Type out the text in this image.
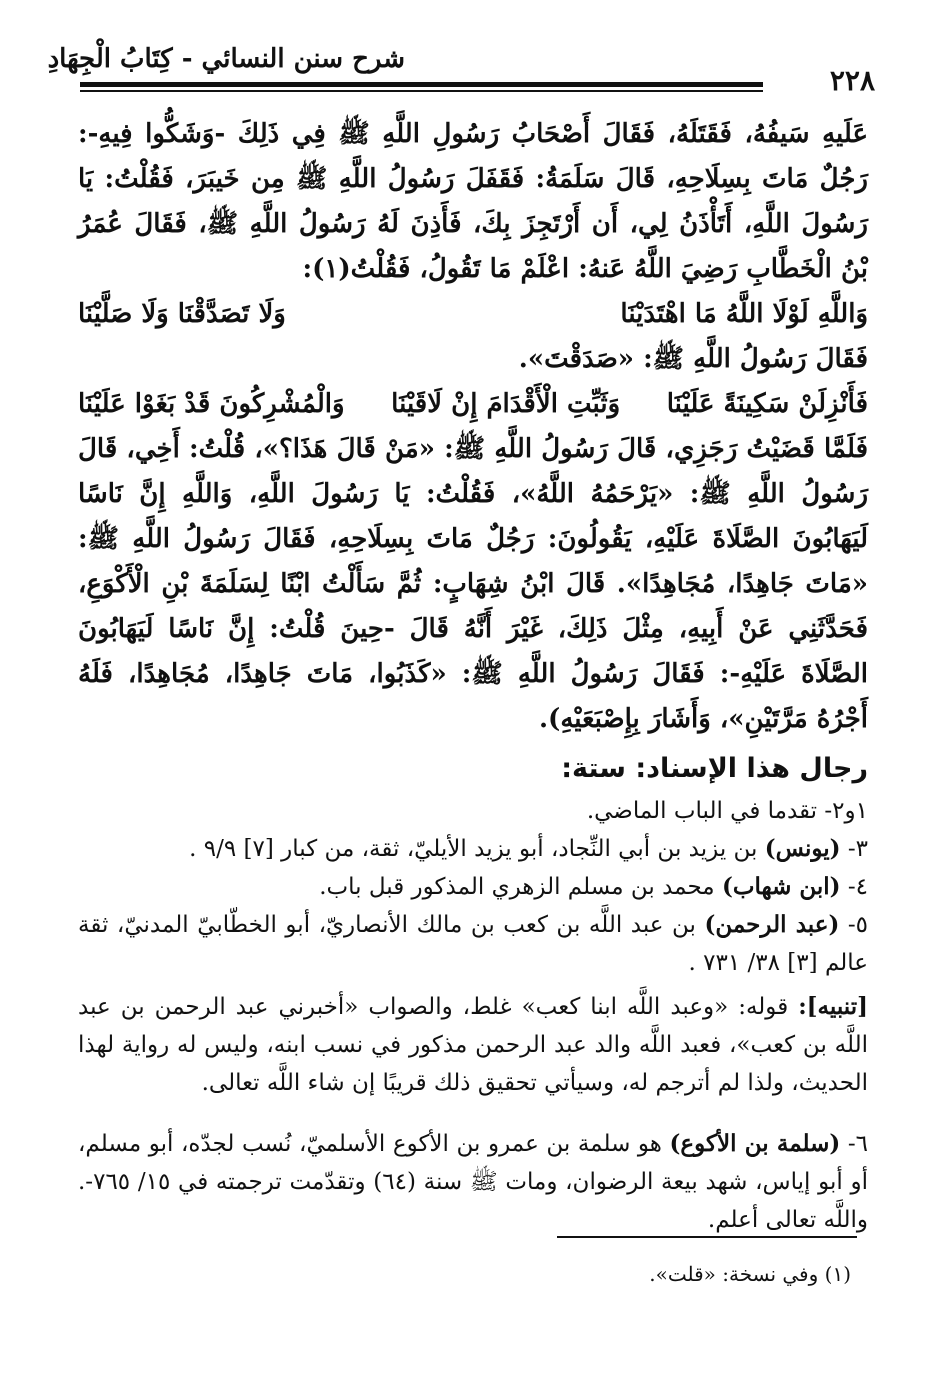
شرح سنن النسائي - كِتَابُ الْجِهَادِ
٢٢٨

عَلَيهِ سَيفُهُ، فَقَتَلَهُ، فَقَالَ أَصْحَابُ رَسُولِ اللَّهِ ﷺ فِي ذَلِكَ -وَشَكُّوا فِيهِ-: رَجُلٌ مَاتَ بِسِلَاحِهِ، قَالَ سَلَمَةُ: فَقَفَلَ رَسُولُ اللَّهِ ﷺ مِن خَيبَرَ، فَقُلْتُ: يَا رَسُولَ اللَّهِ، أَتَأْذَنُ لِي، أَن أَرْتَجِزَ بِكَ، فَأَذِنَ لَهُ رَسُولُ اللَّهِ ﷺ، فَقَالَ عُمَرُ بْنُ الْخَطَّابِ رَضِيَ اللَّهُ عَنهُ: اعْلَمْ مَا تَقُولُ، فَقُلْتُ(١):

وَاللَّهِ لَوْلَا اللَّهُ مَا اهْتَدَيْنَا
وَلَا تَصَدَّقْنَا وَلَا صَلَّيْنَا

فَقَالَ رَسُولُ اللَّهِ ﷺ: «صَدَقْتَ».

فَأَنْزِلَنْ سَكِينَةً عَلَيْنَا
وَثَبِّتِ الْأَقْدَامَ إِنْ لَاقَيْنَا
وَالْمُشْرِكُونَ قَدْ بَغَوْا عَلَيْنَا

فَلَمَّا قَضَيْتُ رَجَزِي، قَالَ رَسُولُ اللَّهِ ﷺ: «مَنْ قَالَ هَذَا؟»، قُلْتُ: أَخِي، قَالَ رَسُولُ اللَّهِ ﷺ: «يَرْحَمُهُ اللَّهُ»، فَقُلْتُ: يَا رَسُولَ اللَّهِ، وَاللَّهِ إِنَّ نَاسًا لَيَهَابُونَ الصَّلَاةَ عَلَيْهِ، يَقُولُونَ: رَجُلٌ مَاتَ بِسِلَاحِهِ، فَقَالَ رَسُولُ اللَّهِ ﷺ: «مَاتَ جَاهِدًا، مُجَاهِدًا». قَالَ ابْنُ شِهَابٍ: ثُمَّ سَأَلْتُ ابْنًا لِسَلَمَةَ بْنِ الْأَكْوَعِ، فَحَدَّثَنِي عَنْ أَبِيهِ، مِثْلَ ذَلِكَ، غَيْرَ أَنَّهُ قَالَ -حِينَ قُلْتُ: إِنَّ نَاسًا لَيَهَابُونَ الصَّلَاةَ عَلَيْهِ-: فَقَالَ رَسُولُ اللَّهِ ﷺ: «كَذَبُوا، مَاتَ جَاهِدًا، مُجَاهِدًا، فَلَهُ أَجْرُهُ مَرَّتَيْنِ»، وَأَشَارَ بِإِصْبَعَيْهِ).

رجال هذا الإسناد: ستة:

١و٢- تقدما في الباب الماضي.

٣- (يونس) بن يزيد بن أبي النِّجاد، أبو يزيد الأيليّ، ثقة، من كبار [٧] ٩/٩ .

٤- (ابن شهاب) محمد بن مسلم الزهري المذكور قبل باب.

٥- (عبد الرحمن) بن عبد اللَّه بن كعب بن مالك الأنصاريّ، أبو الخطّابيّ المدنيّ، ثقة عالم [٣] ٣٨/ ٧٣١ .

[تنبيه]: قوله: «وعبد اللَّه ابنا كعب» غلط، والصواب «أخبرني عبد الرحمن بن عبد اللَّه بن كعب»، فعبد اللَّه والد عبد الرحمن مذكور في نسب ابنه، وليس له رواية لهذا الحديث، ولذا لم أترجم له، وسيأتي تحقيق ذلك قريبًا إن شاء اللَّه تعالى.

٦- (سلمة بن الأكوع) هو سلمة بن عمرو بن الأكوع الأسلميّ، نُسب لجدّه، أبو مسلم، أو أبو إياس، شهد بيعة الرضوان، ومات ﷺ سنة (٦٤) وتقدّمت ترجمته في ١٥/ ٧٦٥-. واللَّه تعالى أعلم.

(١) وفي نسخة: «قلت».
